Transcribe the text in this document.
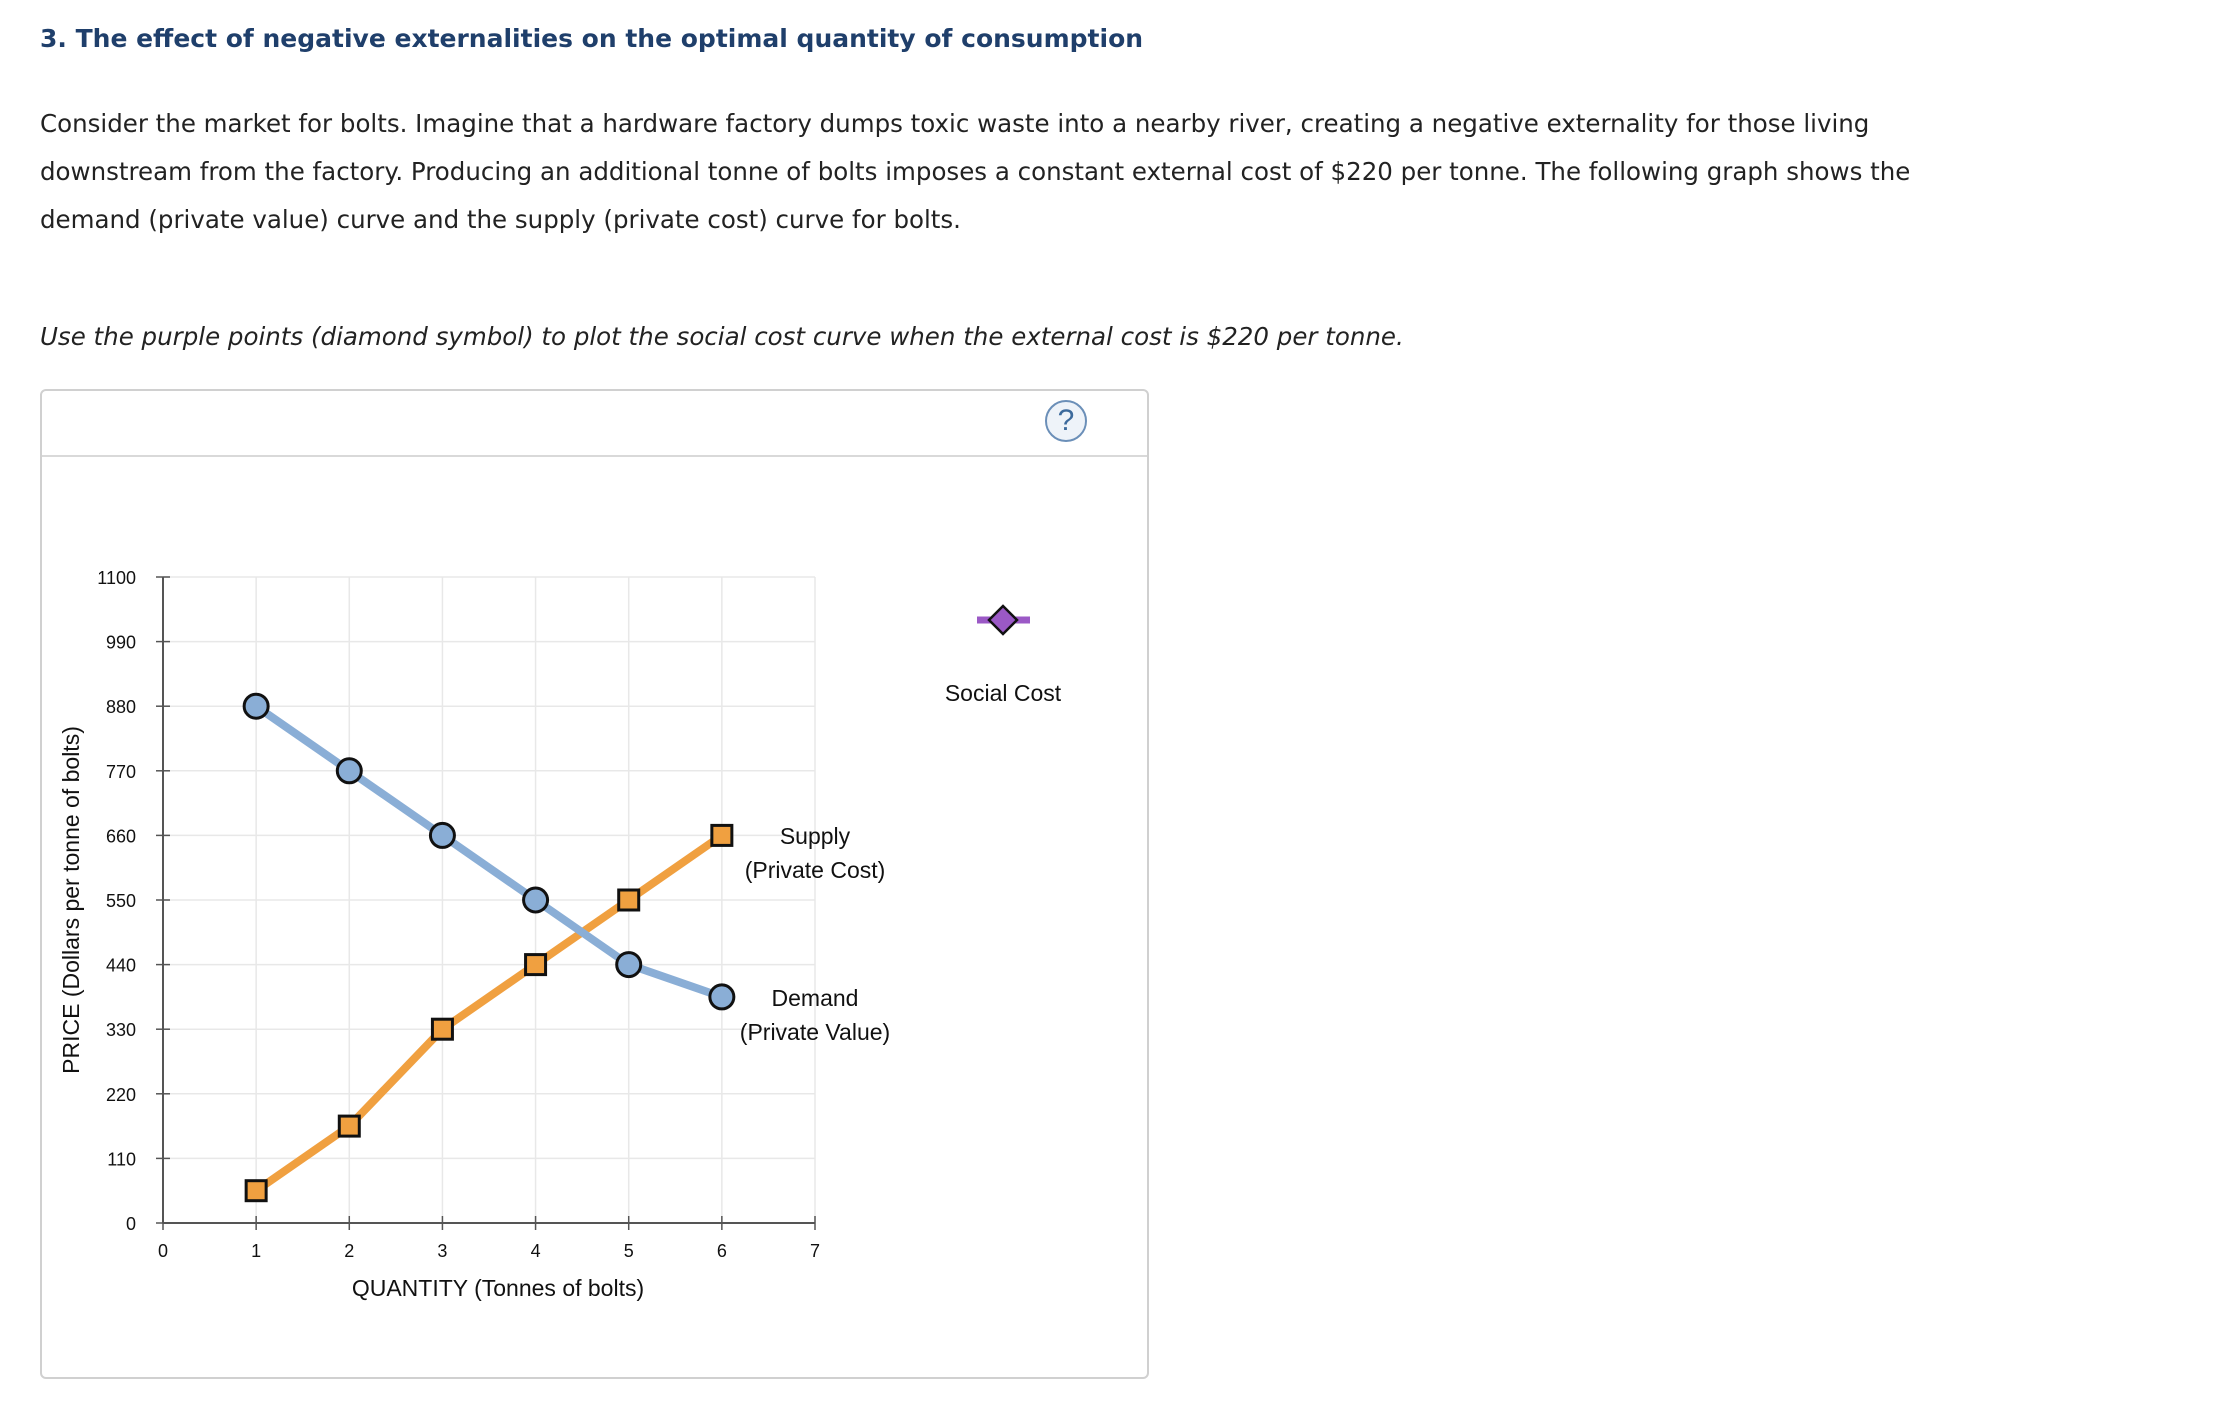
3. The effect of negative externalities on the optimal quantity of consumption
Consider the market for bolts. Imagine that a hardware factory dumps toxic waste into a nearby river, creating a negative externality for those living downstream from the factory. Producing an additional tonne of bolts imposes a constant external cost of $220 per tonne. The following graph shows the demand (private value) curve and the supply (private cost) curve for bolts.
Use the purple points (diamond symbol) to plot the social cost curve when the external cost is $220 per tonne.
?
0
110
220
330
440
550
660
770
880
990
1100
0	1	2	3	4	5	6	7
QUANTITY (Tonnes of bolts)
PRICE (Dollars per tonne of bolts)	Supply
(Private Cost)
Demand
(Private Value)
Social Cost
